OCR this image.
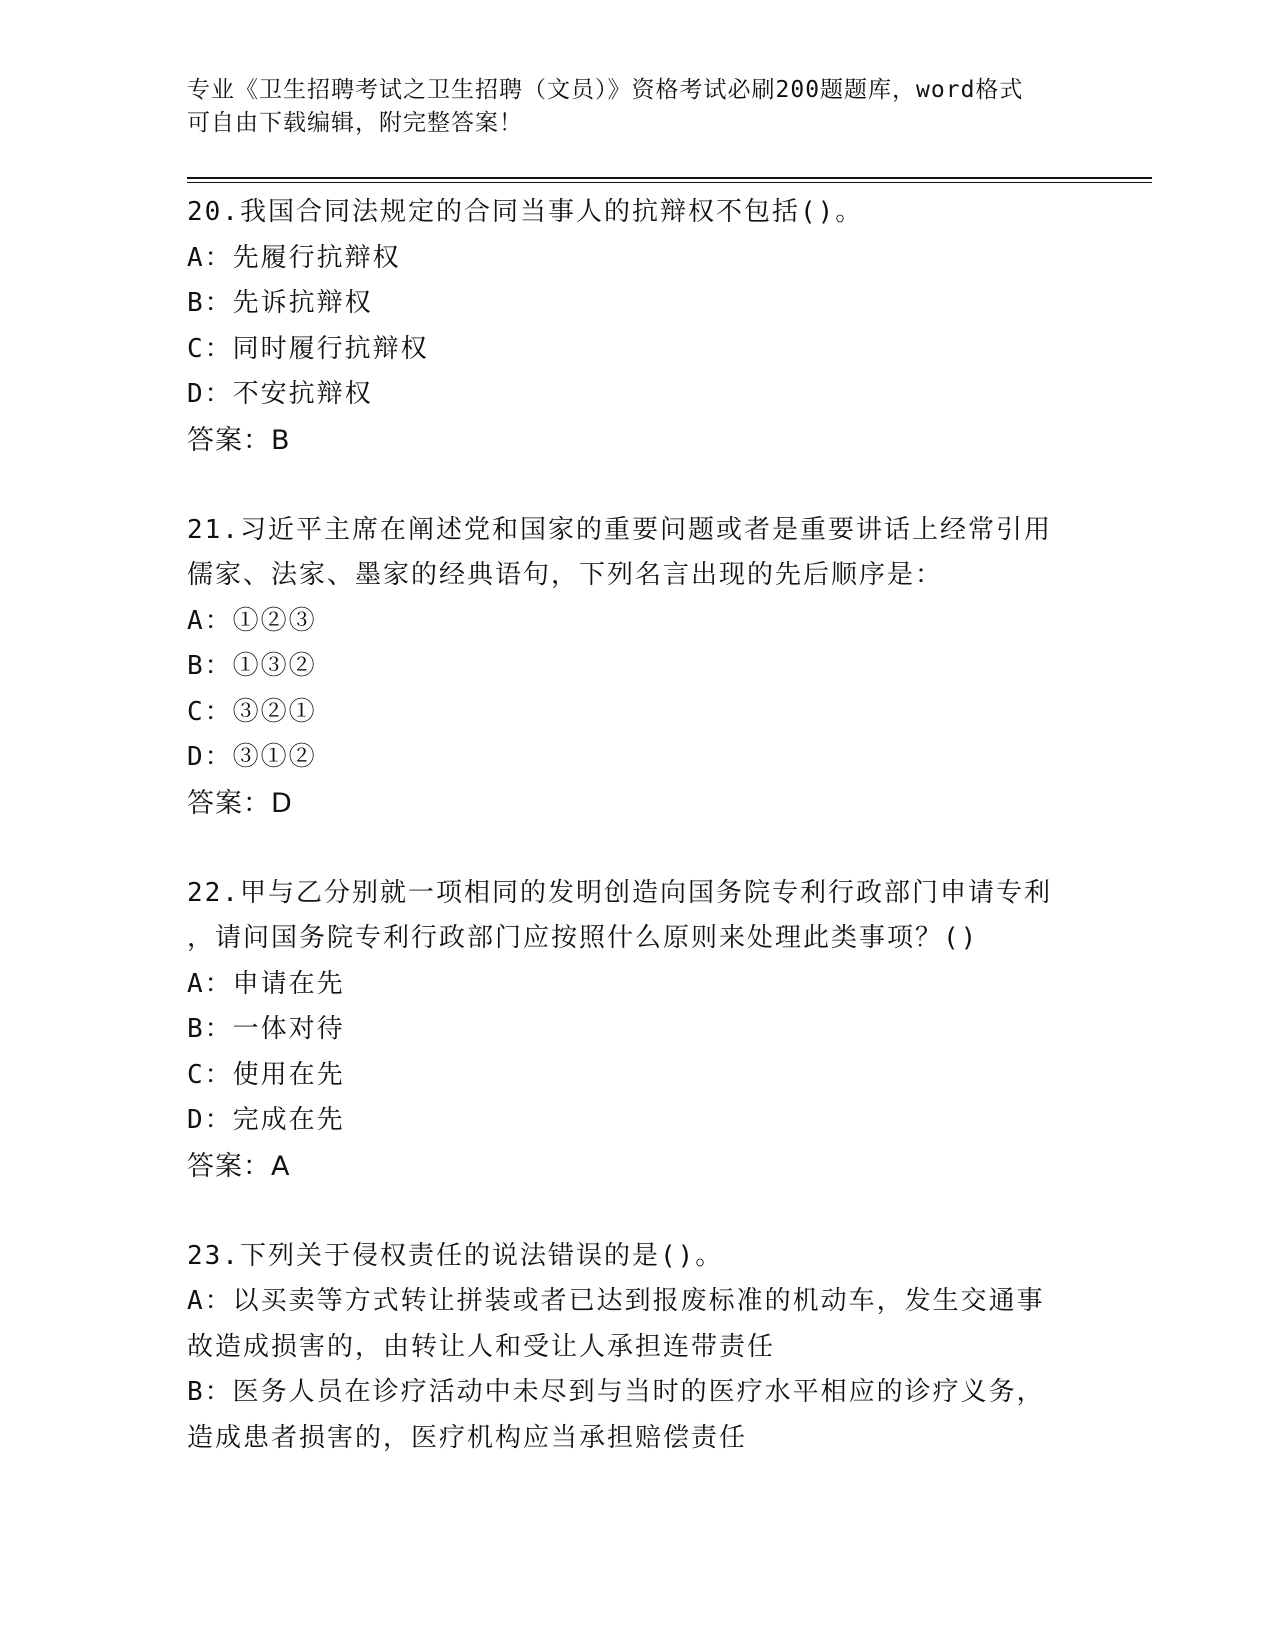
专业《卫生招聘考试之卫生招聘（文员）》资格考试必刷200题题库，word格式
可自由下载编辑，附完整答案！
20.我国合同法规定的合同当事人的抗辩权不包括()。
A：先履行抗辩权
B：先诉抗辩权
C：同时履行抗辩权
D：不安抗辩权
答案：B
21.习近平主席在阐述党和国家的重要问题或者是重要讲话上经常引用
儒家、法家、墨家的经典语句，下列名言出现的先后顺序是：
A：①②③
B：①③②
C：③②①
D：③①②
答案：D
22.甲与乙分别就一项相同的发明创造向国务院专利行政部门申请专利
，请问国务院专利行政部门应按照什么原则来处理此类事项？()
A：申请在先
B：一体对待
C：使用在先
D：完成在先
答案：A
23.下列关于侵权责任的说法错误的是()。
A：以买卖等方式转让拼装或者已达到报废标准的机动车，发生交通事
故造成损害的，由转让人和受让人承担连带责任
B：医务人员在诊疗活动中未尽到与当时的医疗水平相应的诊疗义务，
造成患者损害的，医疗机构应当承担赔偿责任
